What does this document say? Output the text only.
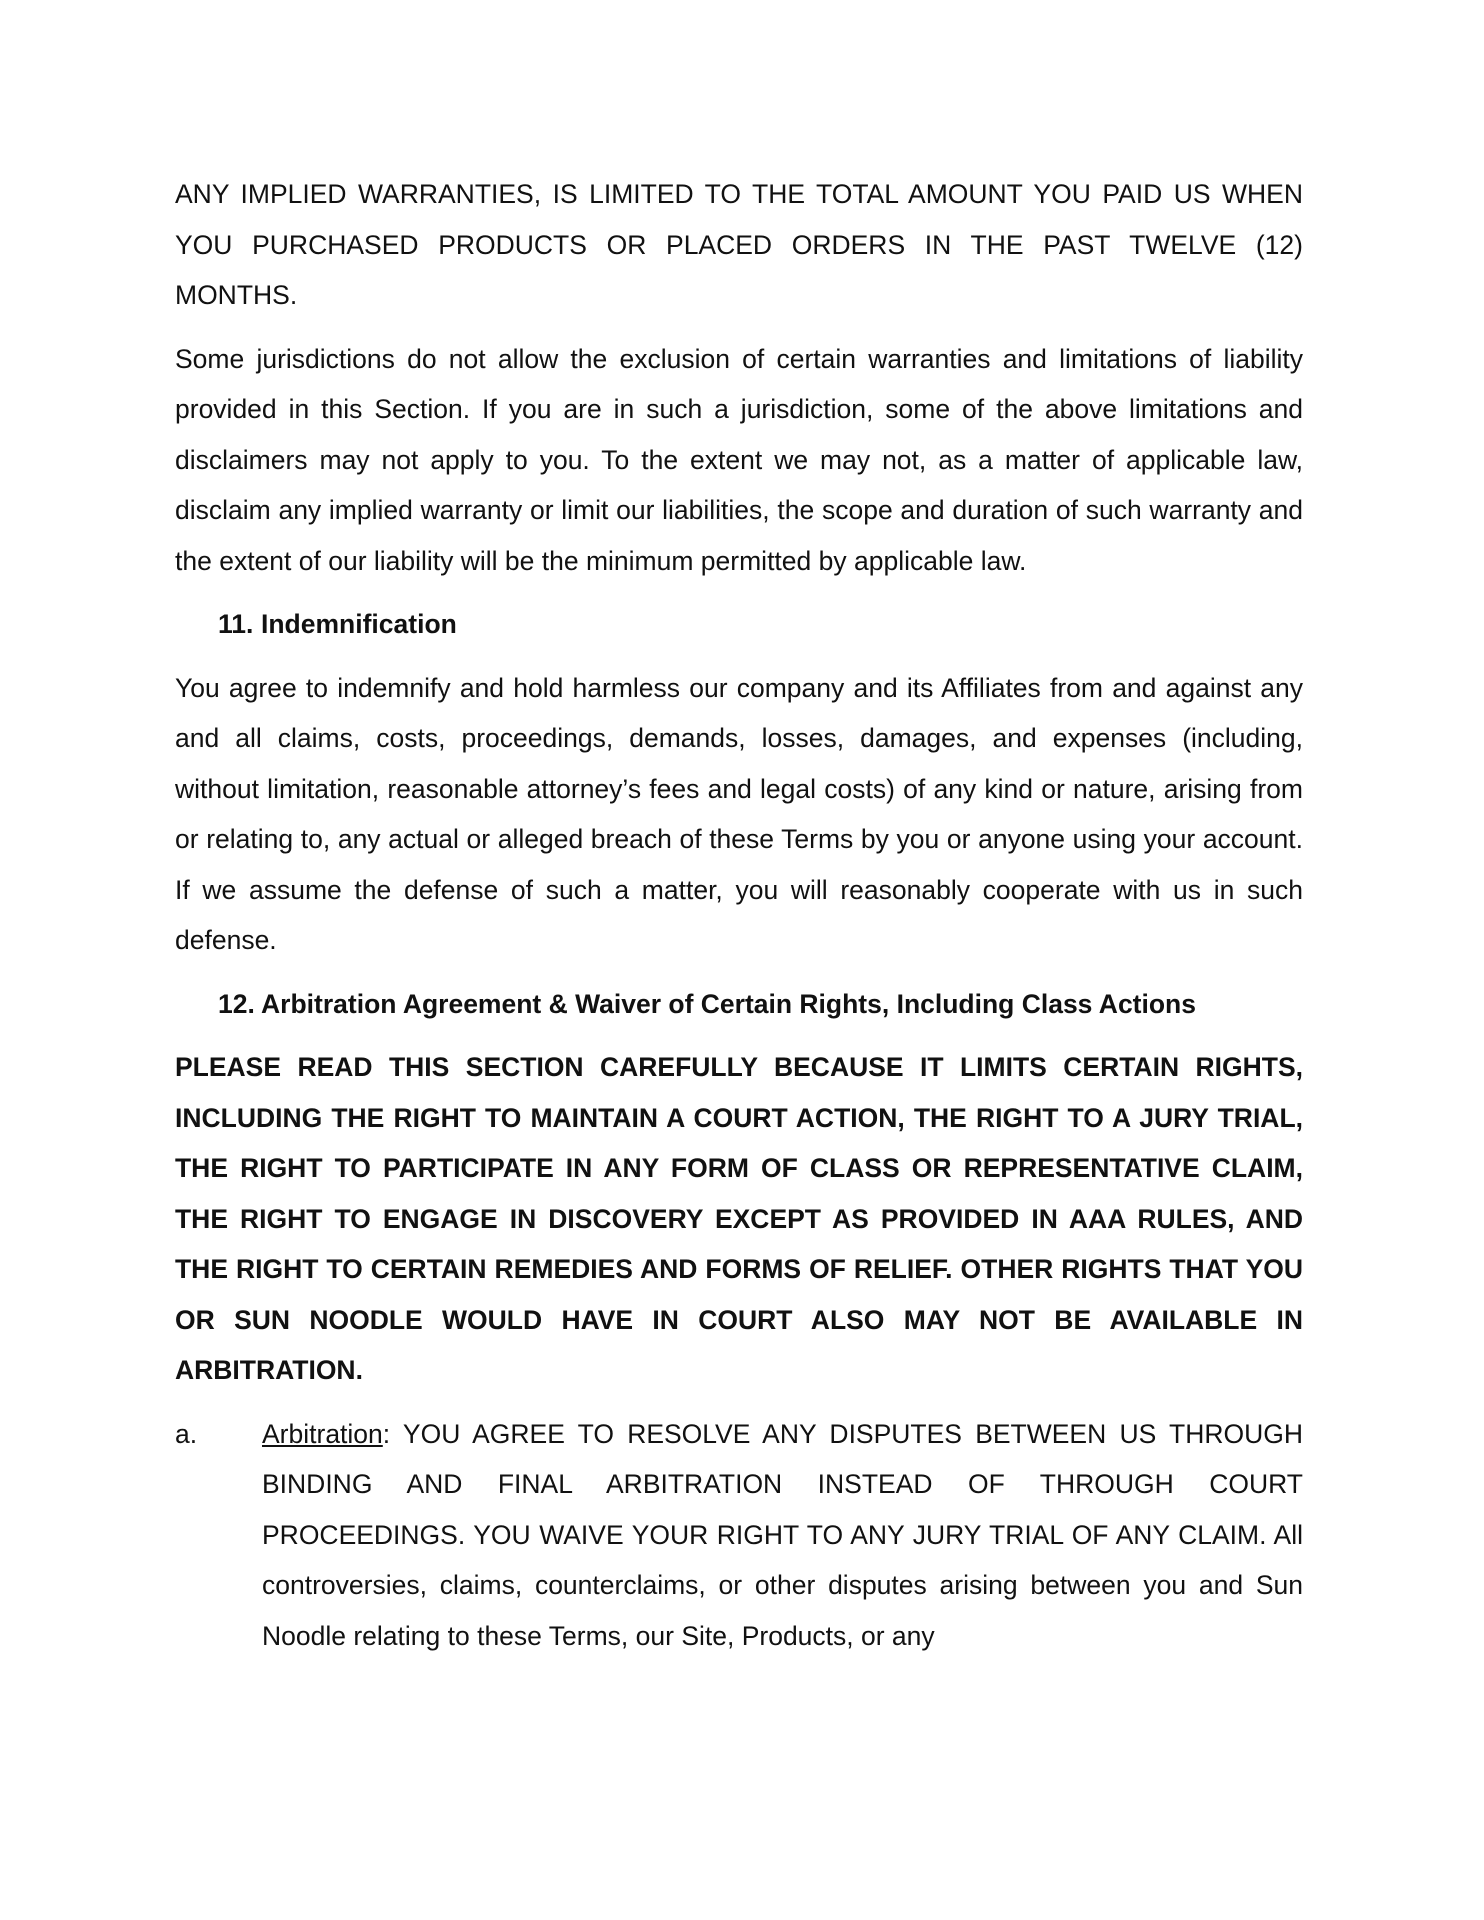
ANY IMPLIED WARRANTIES, IS LIMITED TO THE TOTAL AMOUNT YOU PAID US WHEN YOU PURCHASED PRODUCTS OR PLACED ORDERS IN THE PAST TWELVE (12) MONTHS.

Some jurisdictions do not allow the exclusion of certain warranties and limitations of liability provided in this Section. If you are in such a jurisdiction, some of the above limitations and disclaimers may not apply to you. To the extent we may not, as a matter of applicable law, disclaim any implied warranty or limit our liabilities, the scope and duration of such warranty and the extent of our liability will be the minimum permitted by applicable law.

11. Indemnification

You agree to indemnify and hold harmless our company and its Affiliates from and against any and all claims, costs, proceedings, demands, losses, damages, and expenses (including, without limitation, reasonable attorney’s fees and legal costs) of any kind or nature, arising from or relating to, any actual or alleged breach of these Terms by you or anyone using your account. If we assume the defense of such a matter, you will reasonably cooperate with us in such defense.

12. Arbitration Agreement & Waiver of Certain Rights, Including Class Actions

PLEASE READ THIS SECTION CAREFULLY BECAUSE IT LIMITS CERTAIN RIGHTS, INCLUDING THE RIGHT TO MAINTAIN A COURT ACTION, THE RIGHT TO A JURY TRIAL, THE RIGHT TO PARTICIPATE IN ANY FORM OF CLASS OR REPRESENTATIVE CLAIM, THE RIGHT TO ENGAGE IN DISCOVERY EXCEPT AS PROVIDED IN AAA RULES, AND THE RIGHT TO CERTAIN REMEDIES AND FORMS OF RELIEF. OTHER RIGHTS THAT YOU OR SUN NOODLE WOULD HAVE IN COURT ALSO MAY NOT BE AVAILABLE IN ARBITRATION.

a. Arbitration: YOU AGREE TO RESOLVE ANY DISPUTES BETWEEN US THROUGH BINDING AND FINAL ARBITRATION INSTEAD OF THROUGH COURT PROCEEDINGS. YOU WAIVE YOUR RIGHT TO ANY JURY TRIAL OF ANY CLAIM. All controversies, claims, counterclaims, or other disputes arising between you and Sun Noodle relating to these Terms, our Site, Products, or any
